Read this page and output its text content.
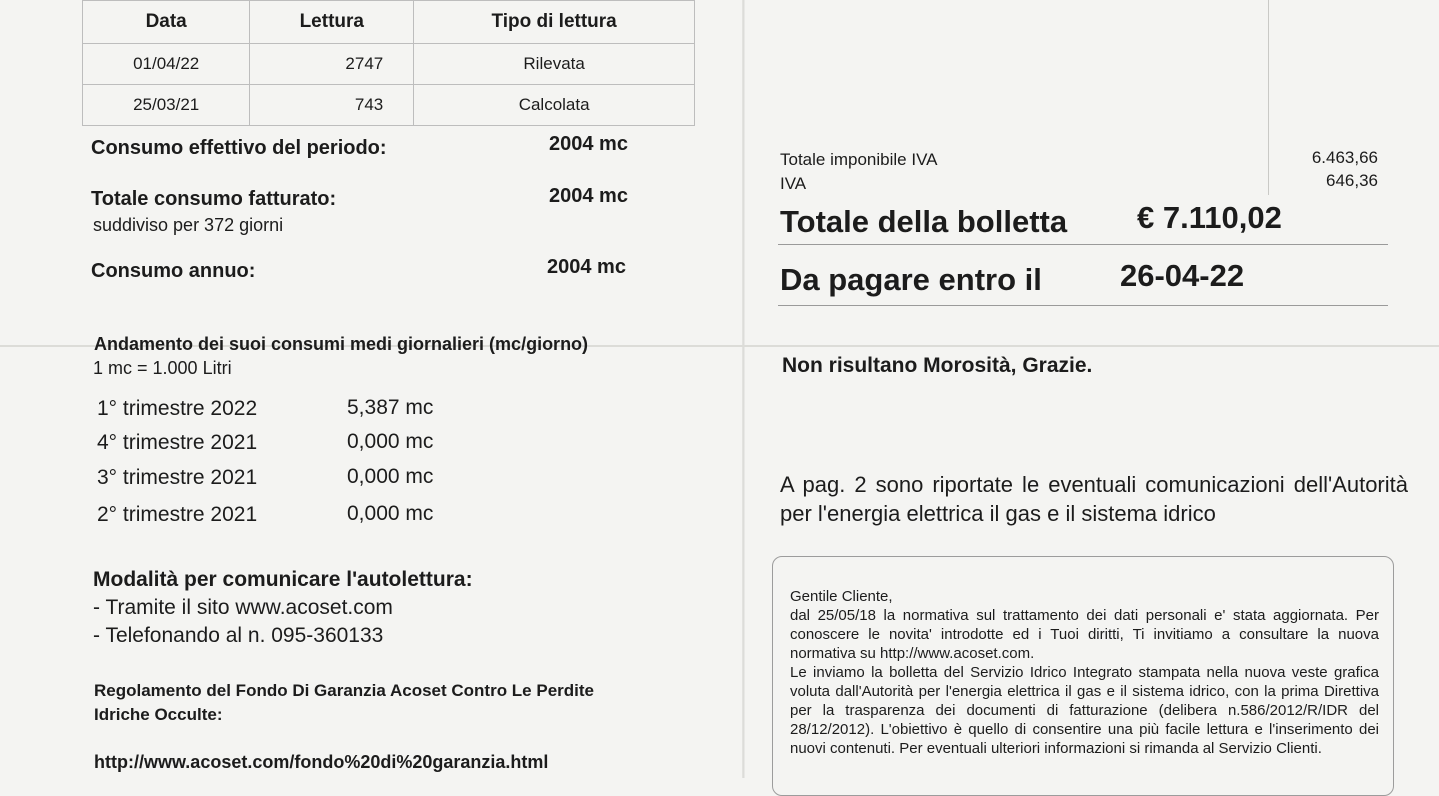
Data	Lettura	Tipo di lettura
01/04/22	2747	Rilevata
25/03/21	743	Calcolata
Consumo effettivo del periodo:	2004 mc
Totale consumo fatturato:	2004 mc
suddiviso per 372 giorni
Consumo annuo:	2004 mc
Andamento dei suoi consumi medi giornalieri (mc/giorno)
1 mc = 1.000 Litri
1° trimestre 2022	5,387 mc
4° trimestre 2021	0,000 mc
3° trimestre 2021	0,000 mc
2° trimestre 2021	0,000 mc
Modalità per comunicare l'autolettura:
- Tramite il sito www.acoset.com
- Telefonando al n. 095-360133
Regolamento del Fondo Di Garanzia Acoset Contro Le Perdite
Idriche Occulte:
http://www.acoset.com/fondo%20di%20garanzia.html
Totale imponibile IVA	6.463,66
IVA	646,36
Totale della bolletta € 7.110,02
Da pagare entro il	26-04-22
Non risultano Morosità, Grazie.
A pag. 2 sono riportate le eventuali comunicazioni dell'Autorità per l'energia elettrica il gas e il sistema idrico

Gentile Cliente,

dal 25/05/18 la normativa sul trattamento dei dati personali e' stata aggiornata. Per conoscere le novita' introdotte ed i Tuoi diritti, Ti invitiamo a consultare la nuova normativa su http://www.acoset.com.

Le inviamo la bolletta del Servizio Idrico Integrato stampata nella nuova veste grafica voluta dall'Autorità per l'energia elettrica il gas e il sistema idrico, con la prima Direttiva per la trasparenza dei documenti di fatturazione (delibera n.586/2012/R/IDR del 28/12/2012). L'obiettivo è quello di consentire una più facile lettura e l'inserimento dei nuovi contenuti. Per eventuali ulteriori informazioni si rimanda al Servizio Clienti.
